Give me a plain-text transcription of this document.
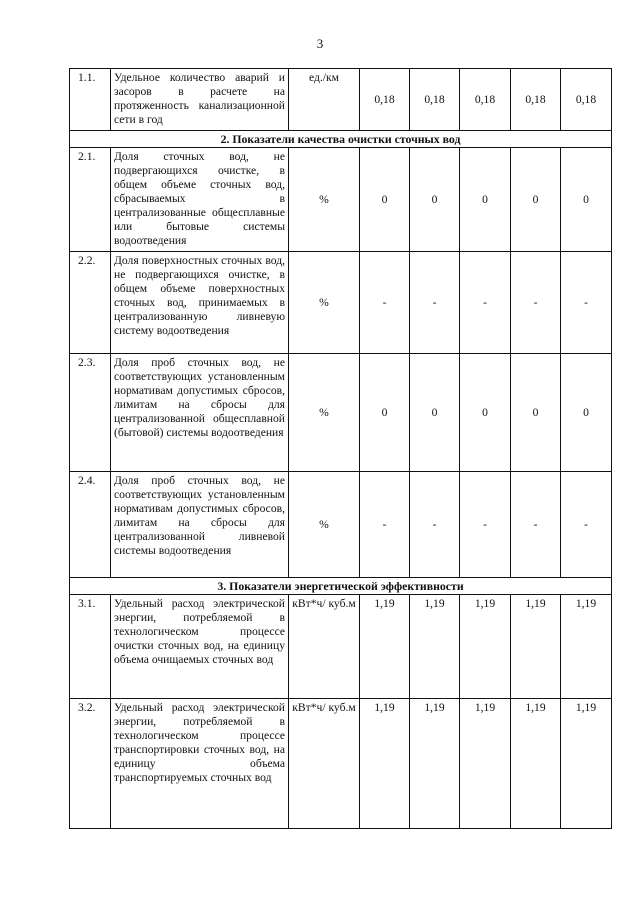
3
1.1.	Удельное количество аварий и засоров в расчете на протяженность канализационной сети в год	ед./км	0,18	0,18	0,18	0,18	0,18
2. Показатели качества очистки сточных вод							
2.1.	Доля сточных вод, не подвергающихся очистке, в общем объеме сточных вод, сбрасываемых в централизованные общесплавные или бытовые системы водоотведения	%	0	0	0	0	0
2.2.	Доля поверхностных сточных вод, не подвергающихся очистке, в общем объеме поверхностных сточных вод, принимаемых в централизованную ливневую систему водоотведения	%	-	-	-	-	-
2.3.	Доля проб сточных вод, не соответствующих установленным нормативам допустимых сбросов, лимитам на сбросы для централизованной общесплавной (бытовой) системы водоотведения	%	0	0	0	0	0
2.4.	Доля проб сточных вод, не соответствующих установленным нормативам допустимых сбросов, лимитам на сбросы для централизованной ливневой системы водоотведения	%	-	-	-	-	-
3. Показатели энергетической эффективности							
3.1.	Удельный расход электрической энергии, потребляемой в технологическом процессе очистки сточных вод, на единицу объема очищаемых сточных вод	кВт*ч/ куб.м	1,19	1,19	1,19	1,19	1,19
3.2.	Удельный расход электрической энергии, потребляемой в технологическом процессе транспортировки сточных вод, на единицу объема транспортируемых сточных вод	кВт*ч/ куб.м	1,19	1,19	1,19	1,19	1,19
